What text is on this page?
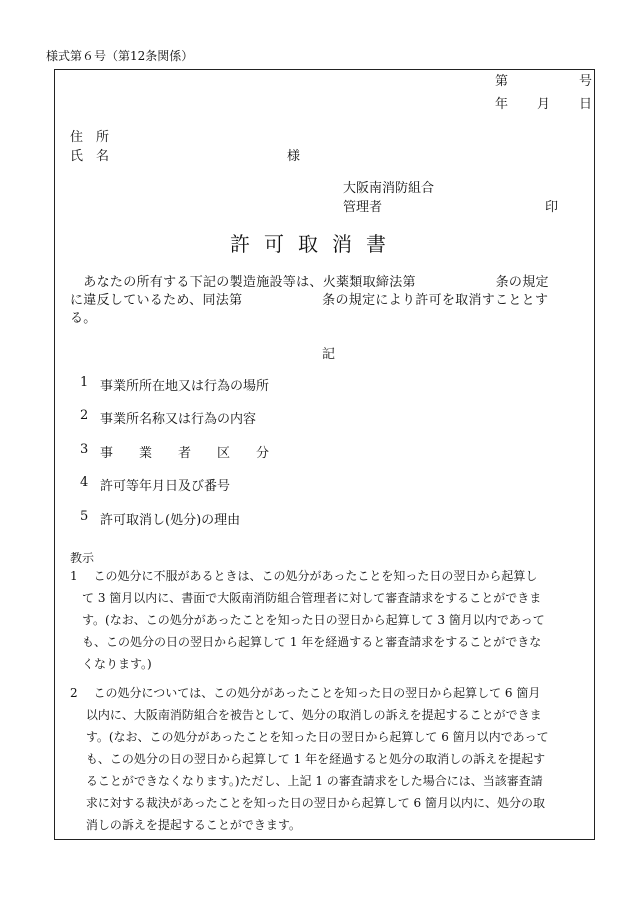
様式第６号（第12条関係）
第	号
年 月 日
住　所
氏　名	様
大阪南消防組合
管理者	印
許可取消書
　あなたの所有する下記の製造施設等は、火薬類取締法第　　　　　　条の規定
に違反しているため、同法第　　　　　　条の規定により許可を取消すこととす
る。
記
1 事業所所在地又は行為の場所
2 事業所名称又は行為の内容
3 事　　業　　者　　区　　分
4 許可等年月日及び番号
5 許可取消し(処分)の理由
教示
1　 この処分に不服があるときは、この処分があったことを知った日の翌日から起算し
　て 3 箇月以内に、書面で大阪南消防組合管理者に対して審査請求をすることができま
　す。(なお、この処分があったことを知った日の翌日から起算して 3 箇月以内であって
　も、この処分の日の翌日から起算して 1 年を経過すると審査請求をすることができな
　くなります。)
2　 この処分については、この処分があったことを知った日の翌日から起算して 6 箇月
　 以内に、大阪南消防組合を被告として、処分の取消しの訴えを提起することができま
　 す。(なお、この処分があったことを知った日の翌日から起算して 6 箇月以内であって
　 も、この処分の日の翌日から起算して 1 年を経過すると処分の取消しの訴えを提起す
　 ることができなくなります。)ただし、上記 1 の審査請求をした場合には、当該審査請
　 求に対する裁決があったことを知った日の翌日から起算して 6 箇月以内に、処分の取
　 消しの訴えを提起することができます。
